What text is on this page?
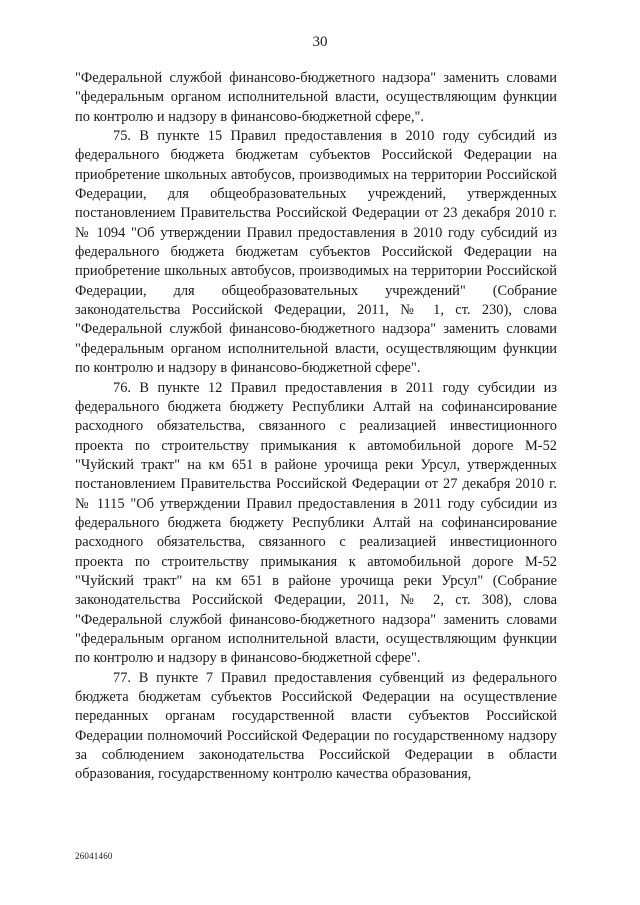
30

"Федеральной службой финансово-бюджетного надзора" заменить словами "федеральным органом исполнительной власти, осуществляющим функции по контролю и надзору в финансово-бюджетной сфере,".

75. В пункте 15 Правил предоставления в 2010 году субсидий из федерального бюджета бюджетам субъектов Российской Федерации на приобретение школьных автобусов, производимых на территории Российской Федерации, для общеобразовательных учреждений, утвержденных постановлением Правительства Российской Федерации от 23 декабря 2010 г. № 1094 "Об утверждении Правил предоставления в 2010 году субсидий из федерального бюджета бюджетам субъектов Российской Федерации на приобретение школьных автобусов, производимых на территории Российской Федерации, для общеобразовательных учреждений" (Собрание законодательства Российской Федерации, 2011, № 1, ст. 230), слова "Федеральной службой финансово-бюджетного надзора" заменить словами "федеральным органом исполнительной власти, осуществляющим функции по контролю и надзору в финансово-бюджетной сфере".

76. В пункте 12 Правил предоставления в 2011 году субсидии из федерального бюджета бюджету Республики Алтай на софинансирование расходного обязательства, связанного с реализацией инвестиционного проекта по строительству примыкания к автомобильной дороге М-52 "Чуйский тракт" на км 651 в районе урочища реки Урсул, утвержденных постановлением Правительства Российской Федерации от 27 декабря 2010 г. № 1115 "Об утверждении Правил предоставления в 2011 году субсидии из федерального бюджета бюджету Республики Алтай на софинансирование расходного обязательства, связанного с реализацией инвестиционного проекта по строительству примыкания к автомобильной дороге М-52 "Чуйский тракт" на км 651 в районе урочища реки Урсул" (Собрание законодательства Российской Федерации, 2011, № 2, ст. 308), слова "Федеральной службой финансово-бюджетного надзора" заменить словами "федеральным органом исполнительной власти, осуществляющим функции по контролю и надзору в финансово-бюджетной сфере".

77. В пункте 7 Правил предоставления субвенций из федерального бюджета бюджетам субъектов Российской Федерации на осуществление переданных органам государственной власти субъектов Российской Федерации полномочий Российской Федерации по государственному надзору за соблюдением законодательства Российской Федерации в области образования, государственному контролю качества образования,

26041460
